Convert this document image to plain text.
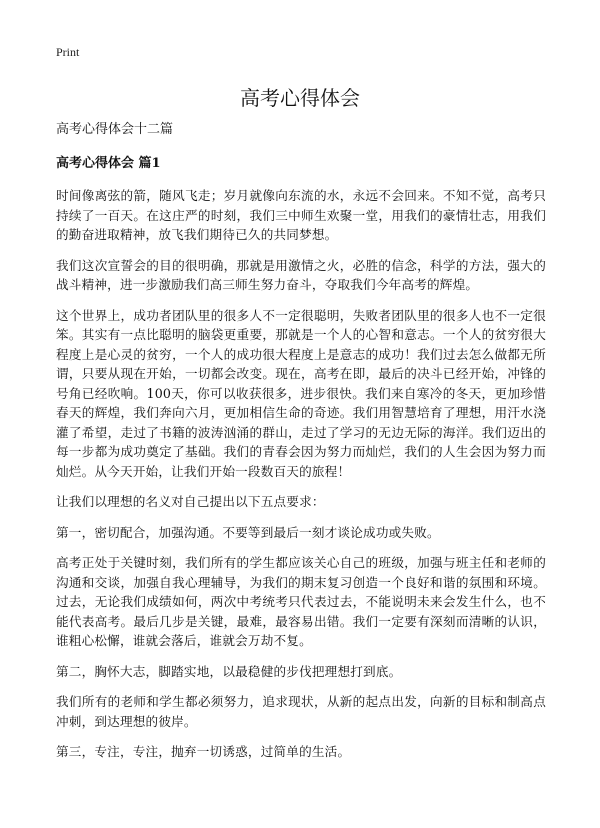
Print
高考心得体会
高考心得体会十二篇
高考心得体会 篇1

时间像离弦的箭，随风飞走；岁月就像向东流的水，永远不会回来。不知不觉，高考只持续了一百天。在这庄严的时刻，我们三中师生欢聚一堂，用我们的豪情壮志，用我们的勤奋进取精神，放飞我们期待已久的共同梦想。

我们这次宣誓会的目的很明确，那就是用激情之火，必胜的信念，科学的方法，强大的战斗精神，进一步激励我们高三师生努力奋斗，夺取我们今年高考的辉煌。

这个世界上，成功者团队里的很多人不一定很聪明，失败者团队里的很多人也不一定很笨。其实有一点比聪明的脑袋更重要，那就是一个人的心智和意志。一个人的贫穷很大程度上是心灵的贫穷，一个人的成功很大程度上是意志的成功！我们过去怎么做都无所谓，只要从现在开始，一切都会改变。现在，高考在即，最后的决斗已经开始，冲锋的号角已经吹响。100天，你可以收获很多，进步很快。我们来自寒冷的冬天，更加珍惜春天的辉煌，我们奔向六月，更加相信生命的奇迹。我们用智慧培育了理想，用汗水浇灌了希望，走过了书籍的波涛汹涌的群山，走过了学习的无边无际的海洋。我们迈出的每一步都为成功奠定了基础。我们的青春会因为努力而灿烂，我们的人生会因为努力而灿烂。从今天开始，让我们开始一段数百天的旅程！

让我们以理想的名义对自己提出以下五点要求：

第一，密切配合，加强沟通。不要等到最后一刻才谈论成功或失败。

高考正处于关键时刻，我们所有的学生都应该关心自己的班级，加强与班主任和老师的沟通和交谈，加强自我心理辅导，为我们的期末复习创造一个良好和谐的氛围和环境。过去，无论我们成绩如何，两次中考统考只代表过去，不能说明未来会发生什么，也不能代表高考。最后几步是关键，最难，最容易出错。我们一定要有深刻而清晰的认识，谁粗心松懈，谁就会落后，谁就会万劫不复。

第二，胸怀大志，脚踏实地，以最稳健的步伐把理想打到底。

我们所有的老师和学生都必须努力，追求现状，从新的起点出发，向新的目标和制高点冲刺，到达理想的彼岸。

第三，专注，专注，抛弃一切诱惑，过简单的生活。
